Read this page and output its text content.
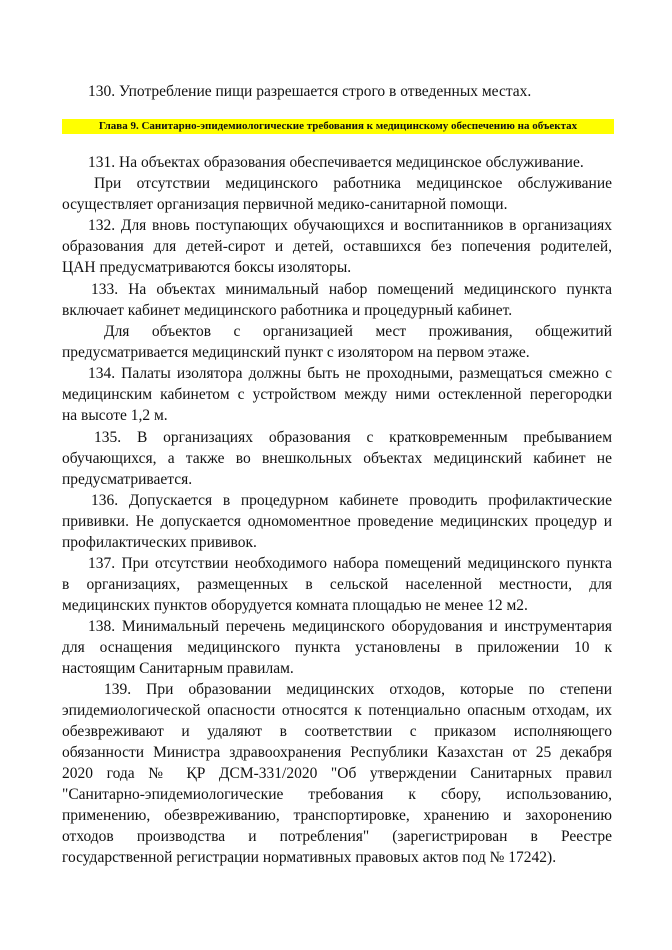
130. Употребление пищи разрешается строго в отведенных местах.
Глава 9. Санитарно-эпидемиологические требования к медицинскому обеспечению на объектах
131. На объектах образования обеспечивается медицинское обслуживание.
При отсутствии медицинского работника медицинское обслуживание
осуществляет организация первичной медико-санитарной помощи.
132. Для вновь поступающих обучающихся и воспитанников в организациях
образования для детей-сирот и детей, оставшихся без попечения родителей,
ЦАН предусматриваются боксы изоляторы.
133. На объектах минимальный набор помещений медицинского пункта
включает кабинет медицинского работника и процедурный кабинет.
Для объектов с организацией мест проживания, общежитий
предусматривается медицинский пункт с изолятором на первом этаже.
134. Палаты изолятора должны быть не проходными, размещаться смежно с
медицинским кабинетом с устройством между ними остекленной перегородки
на высоте 1,2 м.
135. В организациях образования с кратковременным пребыванием
обучающихся, а также во внешкольных объектах медицинский кабинет не
предусматривается.
136. Допускается в процедурном кабинете проводить профилактические
прививки. Не допускается одномоментное проведение медицинских процедур и
профилактических прививок.
137. При отсутствии необходимого набора помещений медицинского пункта
в организациях, размещенных в сельской населенной местности, для
медицинских пунктов оборудуется комната площадью не менее 12 м2.
138. Минимальный перечень медицинского оборудования и инструментария
для оснащения медицинского пункта установлены в приложении 10 к
настоящим Санитарным правилам.
139. При образовании медицинских отходов, которые по степени
эпидемиологической опасности относятся к потенциально опасным отходам, их
обезвреживают и удаляют в соответствии с приказом исполняющего
обязанности Министра здравоохранения Республики Казахстан от 25 декабря
2020 года № ҚР ДСМ-331/2020 "Об утверждении Санитарных правил
"Санитарно-эпидемиологические требования к сбору, использованию,
применению, обезвреживанию, транспортировке, хранению и захоронению
отходов производства и потребления" (зарегистрирован в Реестре
государственной регистрации нормативных правовых актов под № 17242).
